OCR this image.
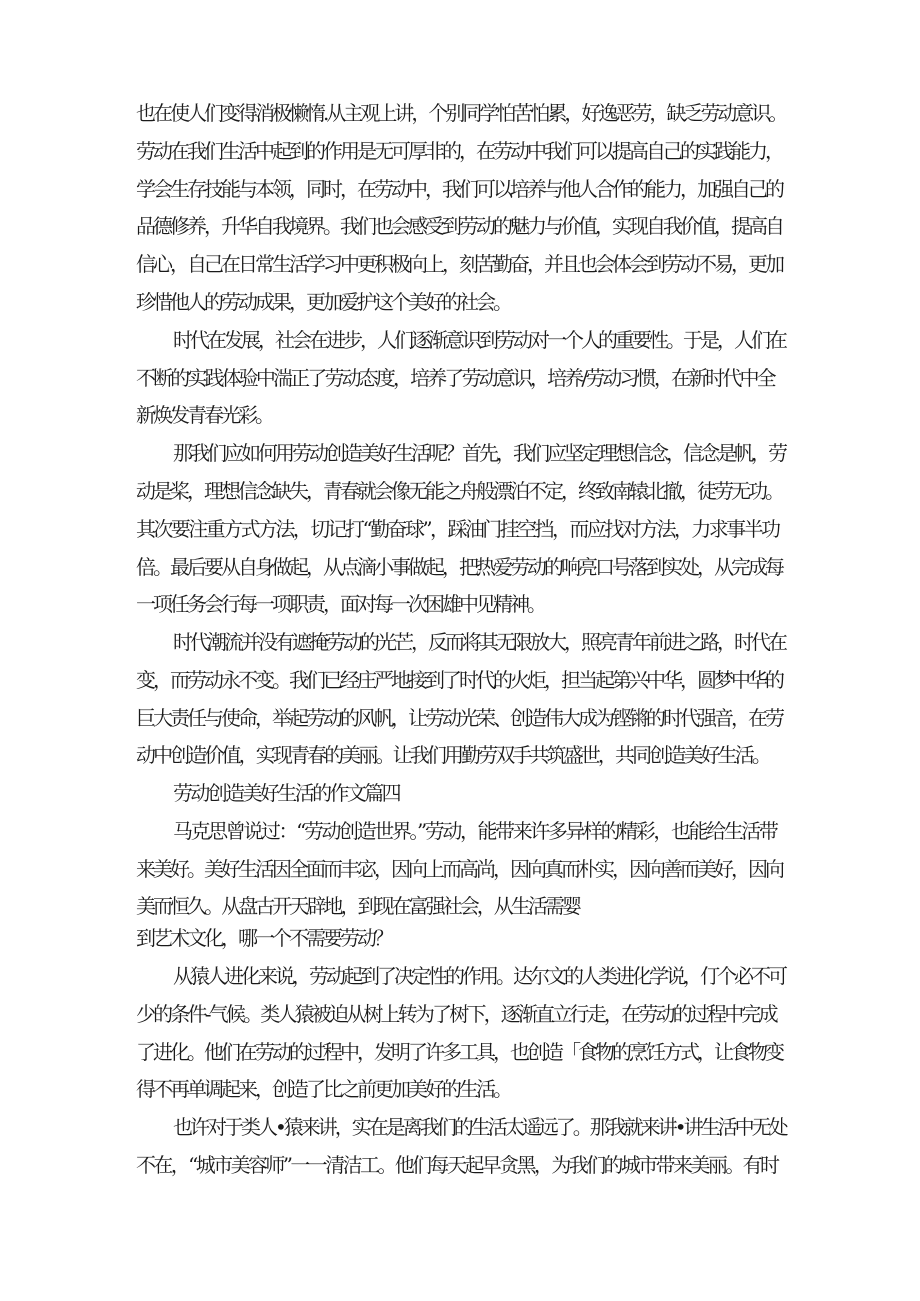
也在使人们变得消极懒惰.从主观上讲，个别同学怕苦怕累，好逸恶劳，缺乏劳动意识。
劳动在我们生活中起到的作用是无可厚非的，在劳动中我们可以提高自己的实践能力，
学会生存技能与本领，同时，在劳动中，我们可以培养与他人合作的能力，加强自己的
品德修养，升华自我境界。我们也会感受到劳动的魅力与价值，实现自我价值，提高自
信心，自己在日常生活学习中更积极向上，刻苦勤奋，并且也会体会到劳动不易，更加
珍惜他人的劳动成果，更加爱护这个美好的社会。
时代在发展，社会在进步，人们逐渐意识到劳动对一个人的重要性。于是，人们在
不断的实践体验中湍正了劳动态度，培养了劳动意识，培养/劳动习惯，在新时代中全
新焕发青春光彩。
那我们应如何用劳动创造美好生活呢？首先，我们应坚定理想信念，信念是帆，劳
动是桨，理想信念缺失，青春就会像无能之舟般漂泊不定，终致南辕北撤，徒劳无功。
其次要注重方式方法，切记打“勤奋球”，踩油门挂空挡，而应找对方法，力求事半功
倍。最后要从自身做起，从点滴小事做起，把热爱劳动的响亮口号落到实处，从完成每
一项任务会行每一项职责，面对每一次困雄中见精神。
时代潮流并没有遮掩劳动的光芒，反而将其无限放大，照亮青年前进之路，时代在
变，而劳动永不变。我们已经庄严地接到了时代的火炬，担当起第兴中华，圆梦中华的
巨大责任与使命，举起劳动的风帆，让劳动光荣、创造伟大成为铿锵的时代强音，在劳
动中创造价值，实现青春的美丽。让我们用勤劳双手共筑盛世，共同创造美好生活。
劳动创造美好生活的作文篇四
马克思曾说过：“劳动创造世界。”劳动，能带来许多异样的精彩，也能给生活带
来美好。美好生活因全面而丰宓，因向上而高尚，因向真而朴实，因向善而美好，因向
美而恒久。从盘古开天辟地，到现在富强社会，从生活需婴
到艺术文化，哪一个不需要劳动？
从猿人进化来说，劳动起到了决定性的作用。达尔文的人类进化学说，仃个必不可
少的条件-气候。类人猿被迫从树上转为了树下，逐渐直立行走，在劳动的过程中完成
了进化。他们在劳动的过程中，发明了许多工具，也创造「食物的烹饪方式，让食物变
得不再单调起来，创造了比之前更加美好的生活。
也许对于类人•猿来讲，实在是离我们的生活太遥远了。那我就来讲•讲生活中无处
不在，“城市美容师”一一清洁工。他们每天起早贪黑，为我们的城市带来美丽。有时
